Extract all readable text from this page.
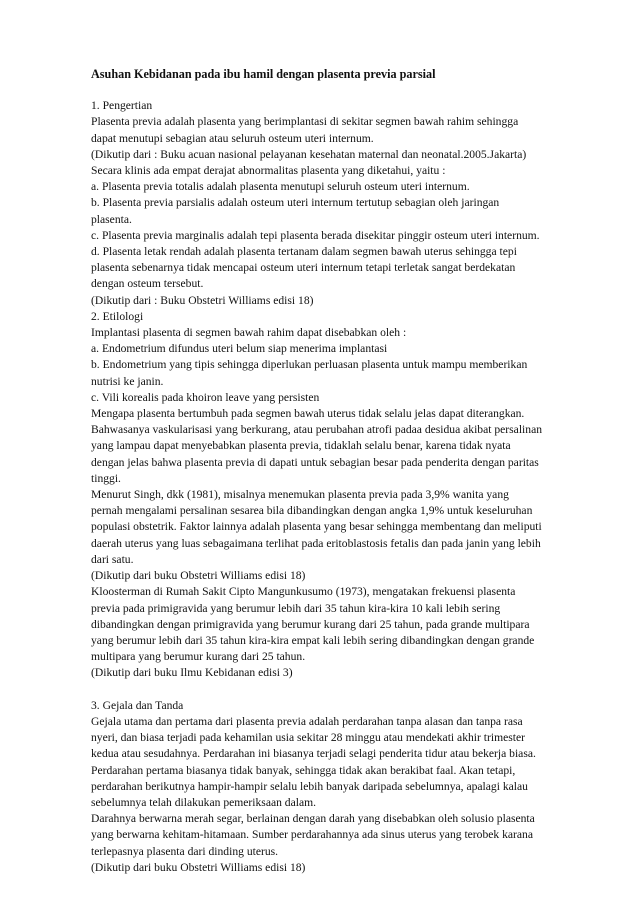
Asuhan Kebidanan pada ibu hamil dengan plasenta previa parsial

1. Pengertian

Plasenta previa adalah plasenta yang berimplantasi di sekitar segmen bawah rahim sehingga

dapat menutupi sebagian atau seluruh osteum uteri internum.

(Dikutip dari : Buku acuan nasional pelayanan kesehatan maternal dan neonatal.2005.Jakarta)

Secara klinis ada empat derajat abnormalitas plasenta yang diketahui, yaitu :

a. Plasenta previa totalis adalah plasenta menutupi seluruh osteum uteri internum.

b. Plasenta previa parsialis adalah osteum uteri internum tertutup sebagian oleh jaringan

plasenta.

c. Plasenta previa marginalis adalah tepi plasenta berada disekitar pinggir osteum uteri internum.

d. Plasenta letak rendah adalah plasenta tertanam dalam segmen bawah uterus sehingga tepi

plasenta sebenarnya tidak mencapai osteum uteri internum tetapi terletak sangat berdekatan

dengan osteum tersebut.

(Dikutip dari : Buku Obstetri Williams edisi 18)

2. Etilologi

Implantasi plasenta di segmen bawah rahim dapat disebabkan oleh :

a. Endometrium difundus uteri belum siap menerima implantasi

b. Endometrium yang tipis sehingga diperlukan perluasan plasenta untuk mampu memberikan

nutrisi ke janin.

c. Vili korealis pada khoiron leave yang persisten

Mengapa plasenta bertumbuh pada segmen bawah uterus tidak selalu jelas dapat diterangkan.

Bahwasanya vaskularisasi yang berkurang, atau perubahan atrofi padaa desidua akibat persalinan

yang lampau dapat menyebabkan plasenta previa, tidaklah selalu benar, karena tidak nyata

dengan jelas bahwa plasenta previa di dapati untuk sebagian besar pada penderita dengan paritas

tinggi.

Menurut Singh, dkk (1981), misalnya menemukan plasenta previa pada 3,9% wanita yang

pernah mengalami persalinan sesarea bila dibandingkan dengan angka 1,9% untuk keseluruhan

populasi obstetrik. Faktor lainnya adalah plasenta yang besar sehingga membentang dan meliputi

daerah uterus yang luas sebagaimana terlihat pada eritoblastosis fetalis dan pada janin yang lebih

dari satu.

(Dikutip dari buku Obstetri Williams edisi 18)

Kloosterman di Rumah Sakit Cipto Mangunkusumo (1973), mengatakan frekuensi plasenta

previa pada primigravida yang berumur lebih dari 35 tahun kira-kira 10 kali lebih sering

dibandingkan dengan primigravida yang berumur kurang dari 25 tahun, pada grande multipara

yang berumur lebih dari 35 tahun kira-kira empat kali lebih sering dibandingkan dengan grande

multipara yang berumur kurang dari 25 tahun.

(Dikutip dari buku Ilmu Kebidanan edisi 3)

3. Gejala dan Tanda

Gejala utama dan pertama dari plasenta previa adalah perdarahan tanpa alasan dan tanpa rasa

nyeri, dan biasa terjadi pada kehamilan usia sekitar 28 minggu atau mendekati akhir trimester

kedua atau sesudahnya. Perdarahan ini biasanya terjadi selagi penderita tidur atau bekerja biasa.

Perdarahan pertama biasanya tidak banyak, sehingga tidak akan berakibat faal. Akan tetapi,

perdarahan berikutnya hampir-hampir selalu lebih banyak daripada sebelumnya, apalagi kalau

sebelumnya telah dilakukan pemeriksaan dalam.

Darahnya berwarna merah segar, berlainan dengan darah yang disebabkan oleh solusio plasenta

yang berwarna kehitam-hitamaan. Sumber perdarahannya ada sinus uterus yang terobek karana

terlepasnya plasenta dari dinding uterus.

(Dikutip dari buku Obstetri Williams edisi 18)
